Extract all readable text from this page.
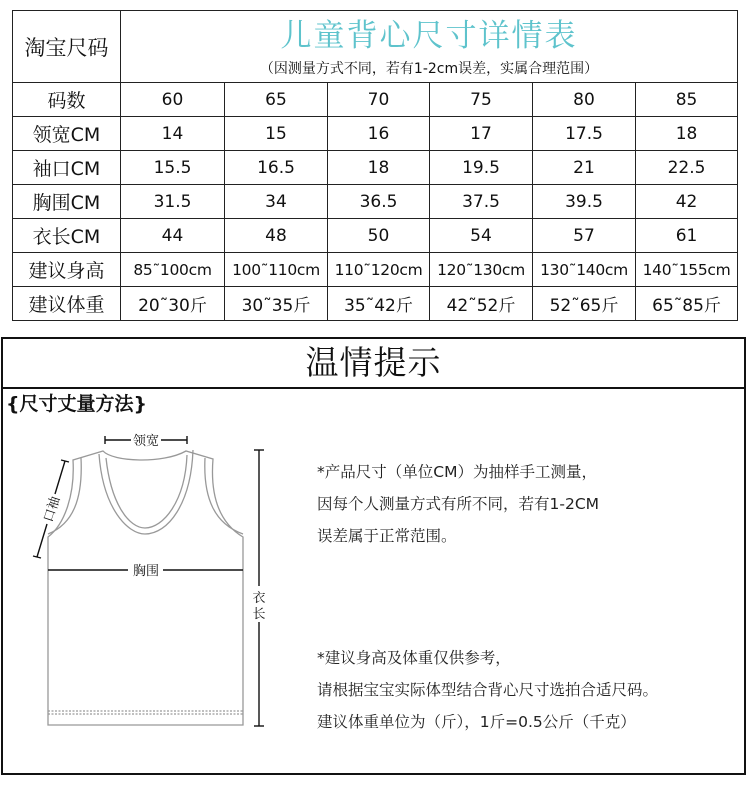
淘宝尺码	儿童背心尺寸详情表
（因测量方式不同，若有1-2cm误差，实属合理范围）					

码数	60	65	70	75	80	85
领宽CM	14	15	16	17	17.5	18
袖口CM	15.5	16.5	18	19.5	21	22.5
胸围CM	31.5	34	36.5	37.5	39.5	42
衣长CM	44	48	50	54	57	61
建议身高	85˜100cm	100˜110cm	110˜120cm	120˜130cm	130˜140cm	140˜155cm
建议体重	20˜30斤	30˜35斤	35˜42斤	42˜52斤	52˜65斤	65˜85斤
温情提示
{尺寸丈量方法}
领宽
胸围
口袖
衣
长
*产品尺寸（单位CM）为抽样手工测量，
因每个人测量方式有所不同，若有1-2CM
误差属于正常范围。
*建议身高及体重仅供参考，
请根据宝宝实际体型结合背心尺寸选拍合适尺码。
建议体重单位为（斤），1斤=0.5公斤（千克）
